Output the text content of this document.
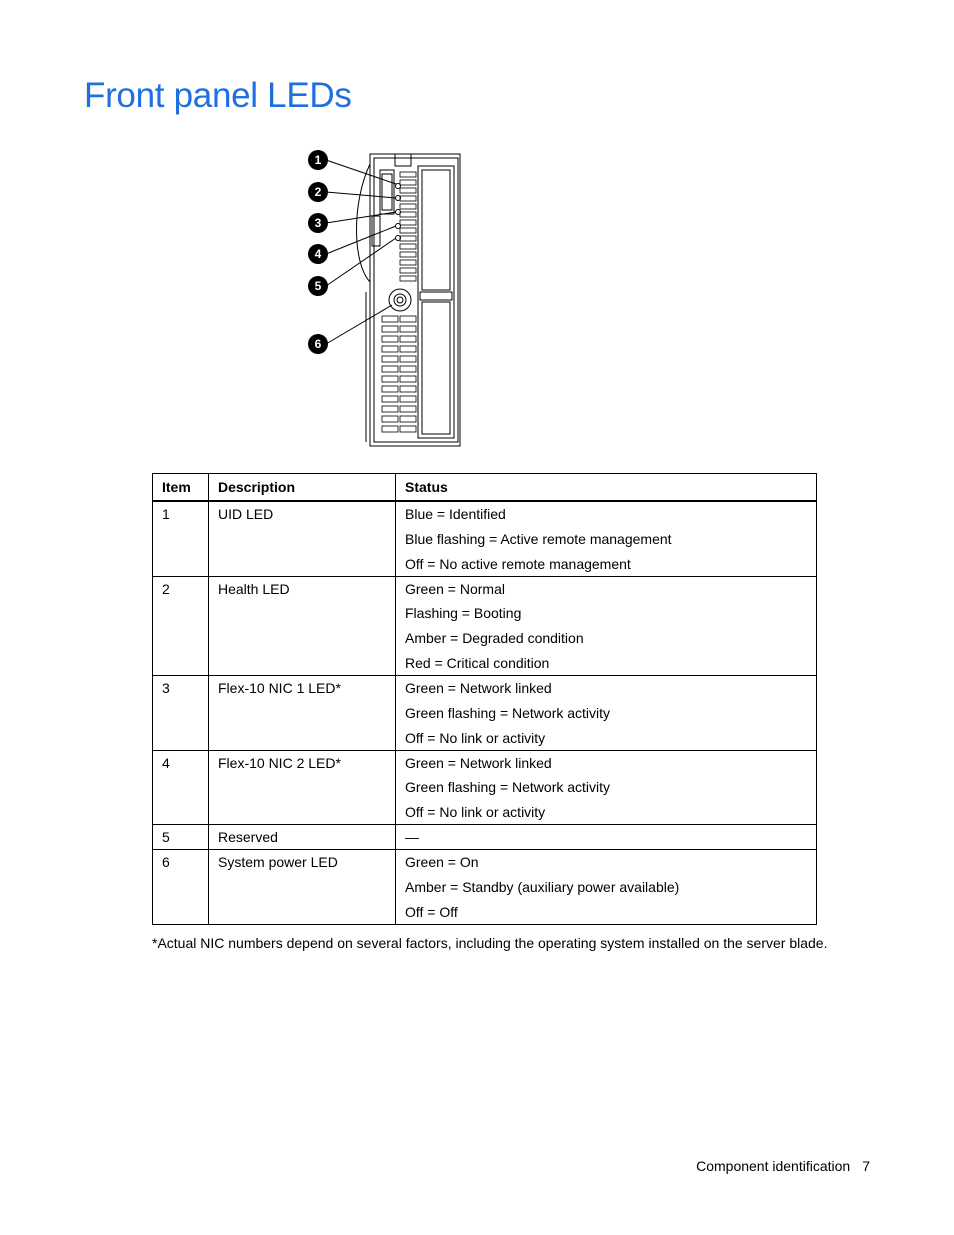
Front panel LEDs
1
2
3
4
5
6
Item	Description	Status
1	UID LED	Blue = Identified
Blue flashing = Active remote management
Off = No active remote management

2	Health LED	Green = Normal
Flashing = Booting
Amber = Degraded condition
Red = Critical condition

3	Flex-10 NIC 1 LED*	Green = Network linked
Green flashing = Network activity
Off = No link or activity

4	Flex-10 NIC 2 LED*	Green = Network linked
Green flashing = Network activity
Off = No link or activity

5	Reserved	—

6	System power LED	Green = On
Amber = Standby (auxiliary power available)
Off = Off
*Actual NIC numbers depend on several factors, including the operating system installed on the server blade.
Component identification 7
